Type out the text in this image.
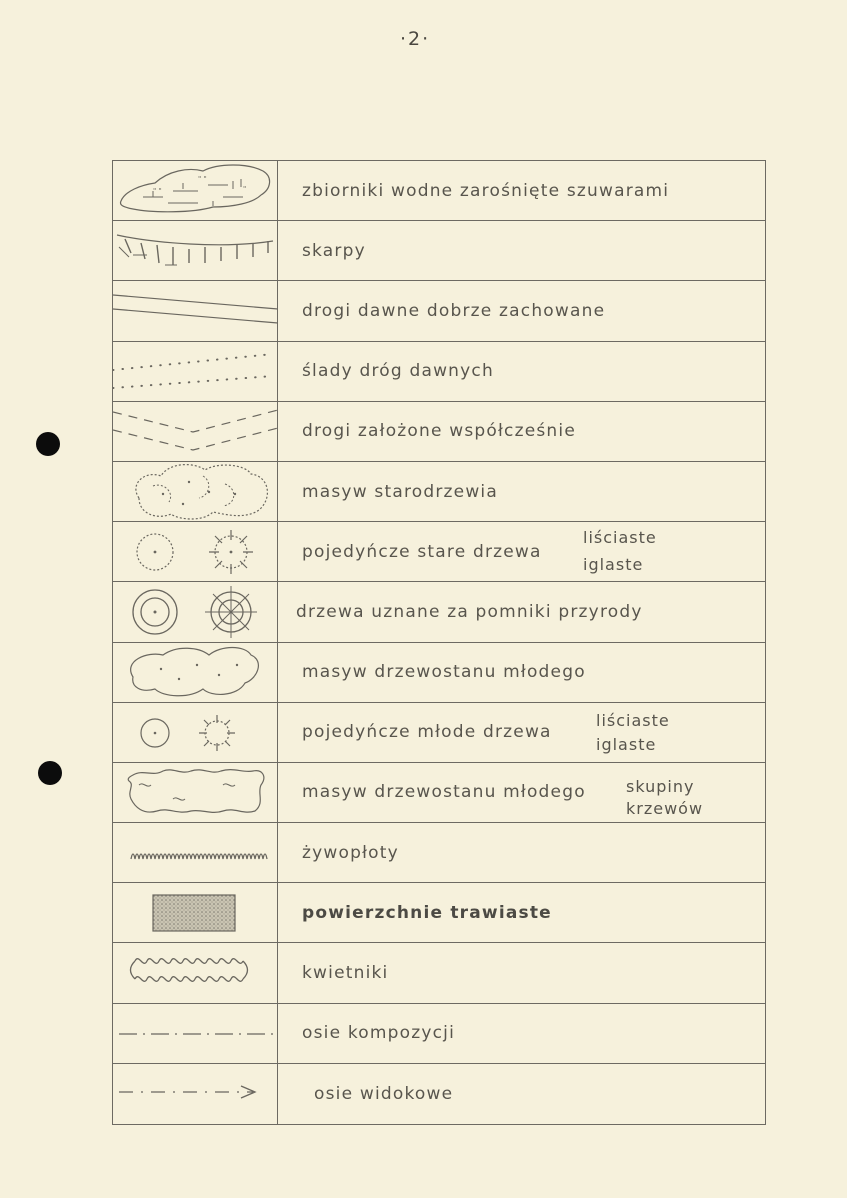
·2·
" "
" "
"	zbiorniki wodne zarośnięte szuwarami
skarpy
drogi dawne dobrze zachowane
ślady dróg dawnych
drogi założone współcześnie
masyw starodrzewia
pojedyńcze stare drzewa
liściaste
iglaste
drzewa uznane za pomniki przyrody
masyw drzewostanu młodego
pojedyńcze młode drzewa
liściaste
iglaste
masyw drzewostanu młodego	skupiny
krzewów
żywopłoty
powierzchnie trawiaste
kwietniki
osie kompozycji
osie widokowe
